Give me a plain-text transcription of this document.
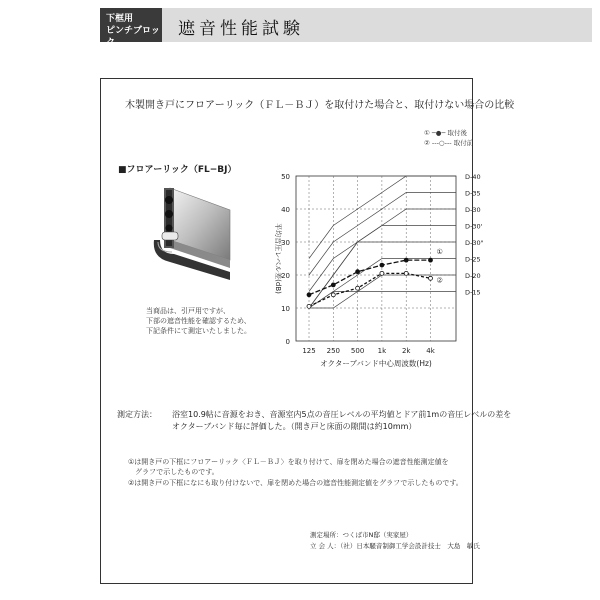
下框用
ピンチブロック
遮音性能試験
木製開き戸にフロアーリック（ＦＬ－ＢＪ）を取付けた場合と、取付けない場合の比較
① ─●─ 取付後
② ---○--- 取付前
■フロアーリック（FL−BJ）
当商品は、引戸用ですが、
下部の遮音性能を確認するため、
下記条件にて測定いたしました。
0
10
20
30
40
50
125 250 500 1k 2k 4k
D-40
D-35
D-30
D-30'
D-30"
D-25
D-20
D-15
①
②
オクターブバンド中心周波数(Hz)
平均音圧レベル差(dB)
測定方法： 浴室10.9帖に音源をおき、音源室内5点の音圧レベルの平均値とドア前1mの音圧レベルの差を
オクターブバンド毎に評価した。（開き戸と床面の隙間は約10mm）
①は開き戸の下框にフロアーリック〈ＦＬ－ＢＪ〉を取り付けて、扉を閉めた場合の遮音性能測定値を
　グラフで示したものです。
②は開き戸の下框になにも取り付けないで、扉を閉めた場合の遮音性能測定値をグラフで示したものです。
測定場所：つくば市N邸（実家屋）
立 会 人：（社）日本騒音制御工学会設計技士　大島　敏氏
